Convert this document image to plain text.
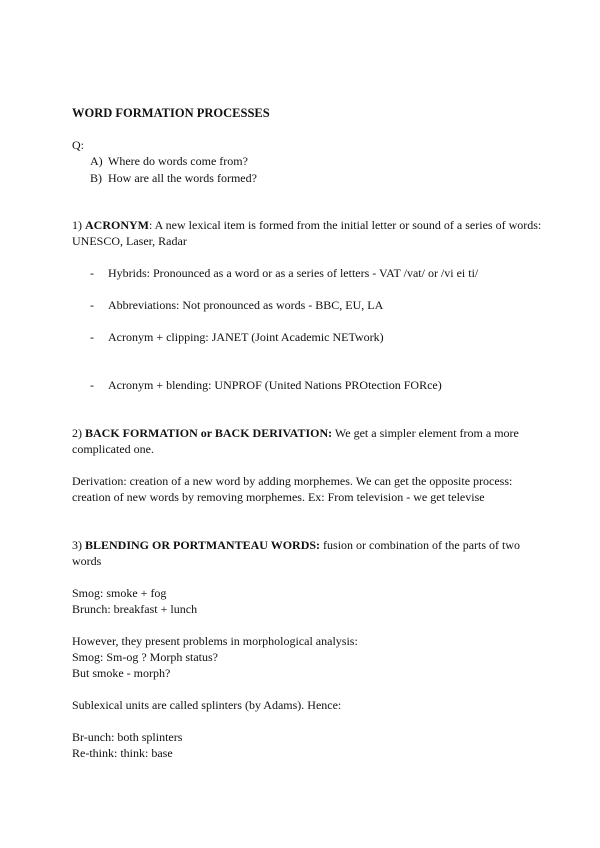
WORD FORMATION PROCESSES
Q:
A) Where do words come from?
B) How are all the words formed?
1) ACRONYM: A new lexical item is formed from the initial letter or sound of a series of words: UNESCO, Laser, Radar
- Hybrids: Pronounced as a word or as a series of letters - VAT /vat/ or /vi ei ti/
- Abbreviations: Not pronounced as words - BBC, EU, LA
- Acronym + clipping: JANET (Joint Academic NETwork)
- Acronym + blending: UNPROF (United Nations PROtection FORce)
2) BACK FORMATION or BACK DERIVATION: We get a simpler element from a more complicated one.
Derivation: creation of a new word by adding morphemes. We can get the opposite process: creation of new words by removing morphemes. Ex: From television - we get televise
3) BLENDING OR PORTMANTEAU WORDS: fusion or combination of the parts of two words
Smog: smoke + fog
Brunch: breakfast + lunch
However, they present problems in morphological analysis:
Smog: Sm-og ? Morph status?
But smoke - morph?
Sublexical units are called splinters (by Adams). Hence:
Br-unch: both splinters
Re-think: think: base
